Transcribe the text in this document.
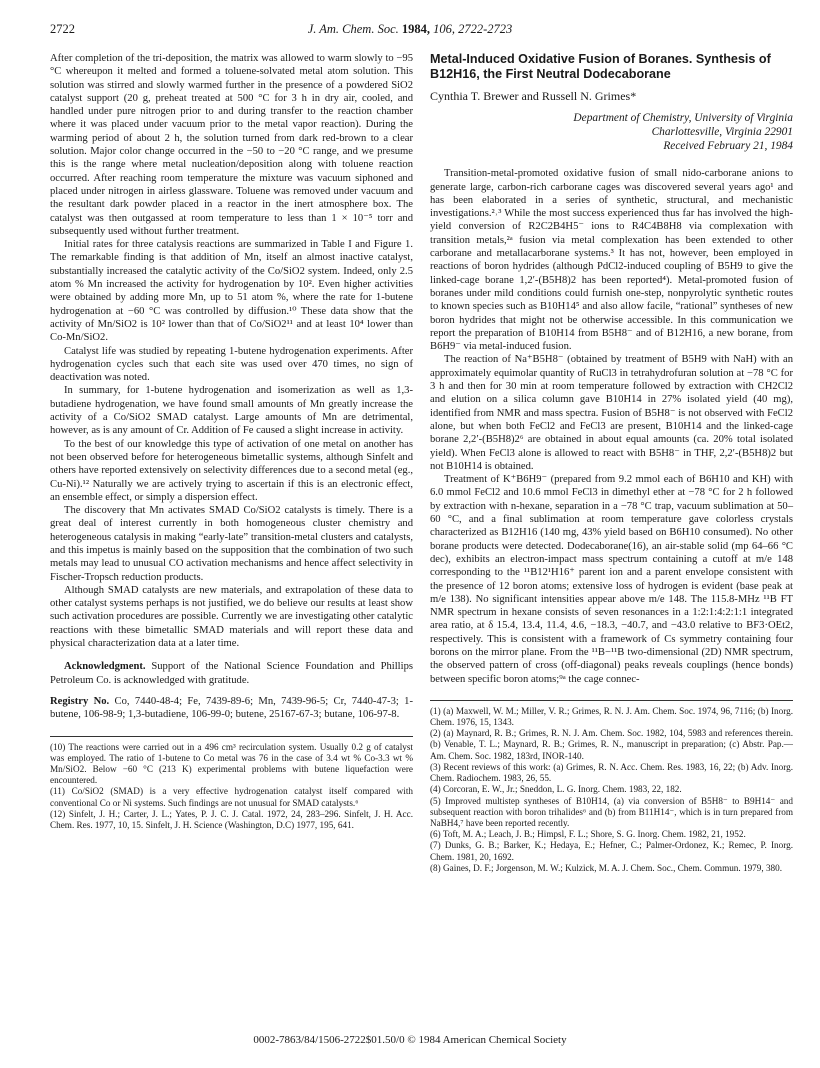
2722	J. Am. Chem. Soc. 1984, 106, 2722-2723

After completion of the tri-deposition, the matrix was allowed to warm slowly to −95 °C whereupon it melted and formed a toluene-solvated metal atom solution. This solution was stirred and slowly warmed further in the presence of a powdered SiO2 catalyst support (20 g, preheat treated at 500 °C for 3 h in dry air, cooled, and handled under pure nitrogen prior to and during transfer to the reaction chamber where it was placed under vacuum prior to the metal vapor reaction). During the warming period of about 2 h, the solution turned from dark red-brown to a clear solution. Major color change occurred in the −50 to −20 °C range, and we presume this is the range where metal nucleation/deposition along with toluene reaction occurred. After reaching room temperature the mixture was vacuum siphoned and placed under nitrogen in airless glassware. Toluene was removed under vacuum and the resultant dark powder placed in a reactor in the inert atmosphere box. The catalyst was then outgassed at room temperature to less than 1 × 10⁻⁵ torr and subsequently used without further treatment.

Initial rates for three catalysis reactions are summarized in Table I and Figure 1. The remarkable finding is that addition of Mn, itself an almost inactive catalyst, substantially increased the catalytic activity of the Co/SiO2 system. Indeed, only 2.5 atom % Mn increased the activity for hydrogenation by 10². Even higher activities were obtained by adding more Mn, up to 51 atom %, where the rate for 1-butene hydrogenation at −60 °C was controlled by diffusion.¹⁰ These data show that the activity of Mn/SiO2 is 10² lower than that of Co/SiO2¹¹ and at least 10⁴ lower than Co-Mn/SiO2.

Catalyst life was studied by repeating 1-butene hydrogenation experiments. After hydrogenation cycles such that each site was used over 470 times, no sign of deactivation was noted.

In summary, for 1-butene hydrogenation and isomerization as well as 1,3-butadiene hydrogenation, we have found small amounts of Mn greatly increase the activity of a Co/SiO2 SMAD catalyst. Large amounts of Mn are detrimental, however, as is any amount of Cr. Addition of Fe caused a slight increase in activity.

To the best of our knowledge this type of activation of one metal on another has not been observed before for heterogeneous bimetallic systems, although Sinfelt and others have reported extensively on selectivity differences due to a second metal (eg., Cu-Ni).¹² Naturally we are actively trying to ascertain if this is an electronic effect, an ensemble effect, or simply a dispersion effect.

The discovery that Mn activates SMAD Co/SiO2 catalysts is timely. There is a great deal of interest currently in both homogeneous cluster chemistry and heterogeneous catalysis in making “early-late” transition-metal clusters and catalysts, and this impetus is mainly based on the supposition that the combination of two such metals may lead to unusual CO activation mechanisms and hence affect selectivity in Fischer-Tropsch reduction products.

Although SMAD catalysts are new materials, and extrapolation of these data to other catalyst systems perhaps is not justified, we do believe our results at least show such activation procedures are possible. Currently we are investigating other catalytic reactions with these bimetallic SMAD materials and will report these data and physical characterization data at a later time.

Acknowledgment. Support of the National Science Foundation and Phillips Petroleum Co. is acknowledged with gratitude.

Registry No. Co, 7440-48-4; Fe, 7439-89-6; Mn, 7439-96-5; Cr, 7440-47-3; 1-butene, 106-98-9; 1,3-butadiene, 106-99-0; butene, 25167-67-3; butane, 106-97-8.

(10) The reactions were carried out in a 496 cm³ recirculation system. Usually 0.2 g of catalyst was employed. The ratio of 1-butene to Co metal was 76 in the case of 3.4 wt % Co-3.3 wt % Mn/SiO2. Below −60 °C (213 K) experimental problems with butene liquefaction were encountered.

(11) Co/SiO2 (SMAD) is a very effective hydrogenation catalyst itself compared with conventional Co or Ni systems. Such findings are not unusual for SMAD catalysts.⁶

(12) Sinfelt, J. H.; Carter, J. L.; Yates, P. J. C. J. Catal. 1972, 24, 283–296. Sinfelt, J. H. Acc. Chem. Res. 1977, 10, 15. Sinfelt, J. H. Science (Washington, D.C) 1977, 195, 641.

Metal-Induced Oxidative Fusion of Boranes. Synthesis of B12H16, the First Neutral Dodecaborane
Cynthia T. Brewer and Russell N. Grimes*
Department of Chemistry, University of Virginia
Charlottesville, Virginia 22901
Received February 21, 1984

Transition-metal-promoted oxidative fusion of small nido-carborane anions to generate large, carbon-rich carborane cages was discovered several years ago¹ and has been elaborated in a series of synthetic, structural, and mechanistic investigations.²˒³ While the most success experienced thus far has involved the high-yield conversion of R2C2B4H5⁻ ions to R4C4B8H8 via complexation with transition metals,²ᵃ fusion via metal complexation has been extended to other carborane and metallacarborane systems.³ It has not, however, been employed in reactions of boron hydrides (although PdCl2-induced coupling of B5H9 to give the linked-cage borane 1,2′-(B5H8)2 has been reported⁴). Metal-promoted fusion of boranes under mild conditions could furnish one-step, nonpyrolytic synthetic routes to known species such as B10H14⁵ and also allow facile, “rational” syntheses of new boron hydrides that might not be otherwise accessible. In this communication we report the preparation of B10H14 from B5H8⁻ and of B12H16, a new borane, from B6H9⁻ via metal-induced fusion.

The reaction of Na⁺B5H8⁻ (obtained by treatment of B5H9 with NaH) with an approximately equimolar quantity of RuCl3 in tetrahydrofuran solution at −78 °C for 3 h and then for 30 min at room temperature followed by extraction with CH2Cl2 and elution on a silica column gave B10H14 in 27% isolated yield (40 mg), identified from NMR and mass spectra. Fusion of B5H8⁻ is not observed with FeCl2 alone, but when both FeCl2 and FeCl3 are present, B10H14 and the linked-cage borane 2,2′-(B5H8)2⁶ are obtained in about equal amounts (ca. 20% total isolated yield). When FeCl3 alone is allowed to react with B5H8⁻ in THF, 2,2′-(B5H8)2 but not B10H14 is obtained.

Treatment of K⁺B6H9⁻ (prepared from 9.2 mmol each of B6H10 and KH) with 6.0 mmol FeCl2 and 10.6 mmol FeCl3 in dimethyl ether at −78 °C for 2 h followed by extraction with n-hexane, separation in a −78 °C trap, vacuum sublimation at 50–60 °C, and a final sublimation at room temperature gave colorless crystals characterized as B12H16 (140 mg, 43% yield based on B6H10 consumed). No other borane products were detected. Dodecaborane(16), an air-stable solid (mp 64–66 °C dec), exhibits an electron-impact mass spectrum containing a cutoff at m/e 148 corresponding to the ¹¹B12¹H16⁺ parent ion and a parent envelope consistent with the presence of 12 boron atoms; extensive loss of hydrogen is evident (base peak at m/e 138). No significant intensities appear above m/e 148. The 115.8-MHz ¹¹B FT NMR spectrum in hexane consists of seven resonances in a 1:2:1:4:2:1:1 integrated area ratio, at δ 15.4, 13.4, 11.4, 4.6, −18.3, −40.7, and −43.0 relative to BF3·OEt2, respectively. This is consistent with a framework of Cs symmetry containing four borons on the mirror plane. From the ¹¹B−¹¹B two-dimensional (2D) NMR spectrum, the observed pattern of cross (off-diagonal) peaks reveals couplings (hence bonds) between specific boron atoms;⁹ᵃ the cage connec-

(1) (a) Maxwell, W. M.; Miller, V. R.; Grimes, R. N. J. Am. Chem. Soc. 1974, 96, 7116; (b) Inorg. Chem. 1976, 15, 1343.

(2) (a) Maynard, R. B.; Grimes, R. N. J. Am. Chem. Soc. 1982, 104, 5983 and references therein. (b) Venable, T. L.; Maynard, R. B.; Grimes, R. N., manuscript in preparation; (c) Abstr. Pap.—Am. Chem. Soc. 1982, 183rd, INOR-140.

(3) Recent reviews of this work: (a) Grimes, R. N. Acc. Chem. Res. 1983, 16, 22; (b) Adv. Inorg. Chem. Radiochem. 1983, 26, 55.

(4) Corcoran, E. W., Jr.; Sneddon, L. G. Inorg. Chem. 1983, 22, 182.

(5) Improved multistep syntheses of B10H14, (a) via conversion of B5H8⁻ to B9H14⁻ and subsequent reaction with boron trihalides⁶ and (b) from B11H14⁻, which is in turn prepared from NaBH4,⁷ have been reported recently.

(6) Toft, M. A.; Leach, J. B.; Himpsl, F. L.; Shore, S. G. Inorg. Chem. 1982, 21, 1952.

(7) Dunks, G. B.; Barker, K.; Hedaya, E.; Hefner, C.; Palmer-Ordonez, K.; Remec, P. Inorg. Chem. 1981, 20, 1692.

(8) Gaines, D. F.; Jorgenson, M. W.; Kulzick, M. A. J. Chem. Soc., Chem. Commun. 1979, 380.

0002-7863/84/1506-2722$01.50/0 © 1984 American Chemical Society
